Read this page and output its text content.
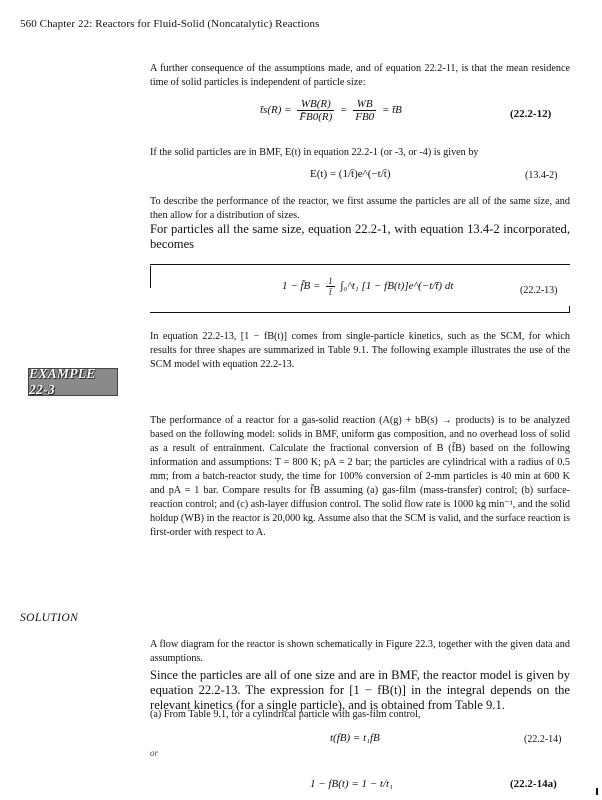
560 Chapter 22: Reactors for Fluid-Solid (Noncatalytic) Reactions
A further consequence of the assumptions made, and of equation 22.2-11, is that the mean residence time of solid particles is independent of particle size:
t̄s(R) = $\frac{WB(R)}{F̄B0(R)} = \frac{WB}{FB0}$ = t̄B	(22.2-12)
If the solid particles are in BMF, E(t) in equation 22.2-1 (or -3, or -4) is given by
E(t) = (1/t̄)e^(−t/t̄)	(13.4-2)
To describe the performance of the reactor, we first assume the particles are all of the same size, and then allow for a distribution of sizes.
For particles all the same size, equation 22.2-1, with equation 13.4-2 incorporated, becomes
1 − f̄B = $\frac{1}{t̄}$ ∫₀^t₁ [1 − fB(t)]e^(−t/t̄) dt	(22.2-13)
In equation 22.2-13, [1 − fB(t)] comes from single-particle kinetics, such as the SCM, for which results for three shapes are summarized in Table 9.1. The following example illustrates the use of the SCM model with equation 22.2-13.
EXAMPLE 22-3
The performance of a reactor for a gas-solid reaction (A(g) + bB(s) → products) is to be analyzed based on the following model: solids in BMF, uniform gas composition, and no overhead loss of solid as a result of entrainment. Calculate the fractional conversion of B (f̄B) based on the following information and assumptions: T = 800 K; pA = 2 bar; the particles are cylindrical with a radius of 0.5 mm; from a batch-reactor study, the time for 100% conversion of 2-mm particles is 40 min at 600 K and pA = 1 bar. Compare results for f̄B assuming (a) gas-film (mass-transfer) control; (b) surface-reaction control; and (c) ash-layer diffusion control. The solid flow rate is 1000 kg min⁻¹, and the solid holdup (WB) in the reactor is 20,000 kg. Assume also that the SCM is valid, and the surface reaction is first-order with respect to A.
SOLUTION
A flow diagram for the reactor is shown schematically in Figure 22.3, together with the given data and assumptions.
Since the particles are all of one size and are in BMF, the reactor model is given by equation 22.2-13. The expression for [1 − fB(t)] in the integral depends on the relevant kinetics (for a single particle), and is obtained from Table 9.1.
(a) From Table 9.1, for a cylindrical particle with gas-film control,
t(fB) = t₁fB	(22.2-14)
or
1 − fB(t) = 1 − t/t₁	(22.2-14a)
